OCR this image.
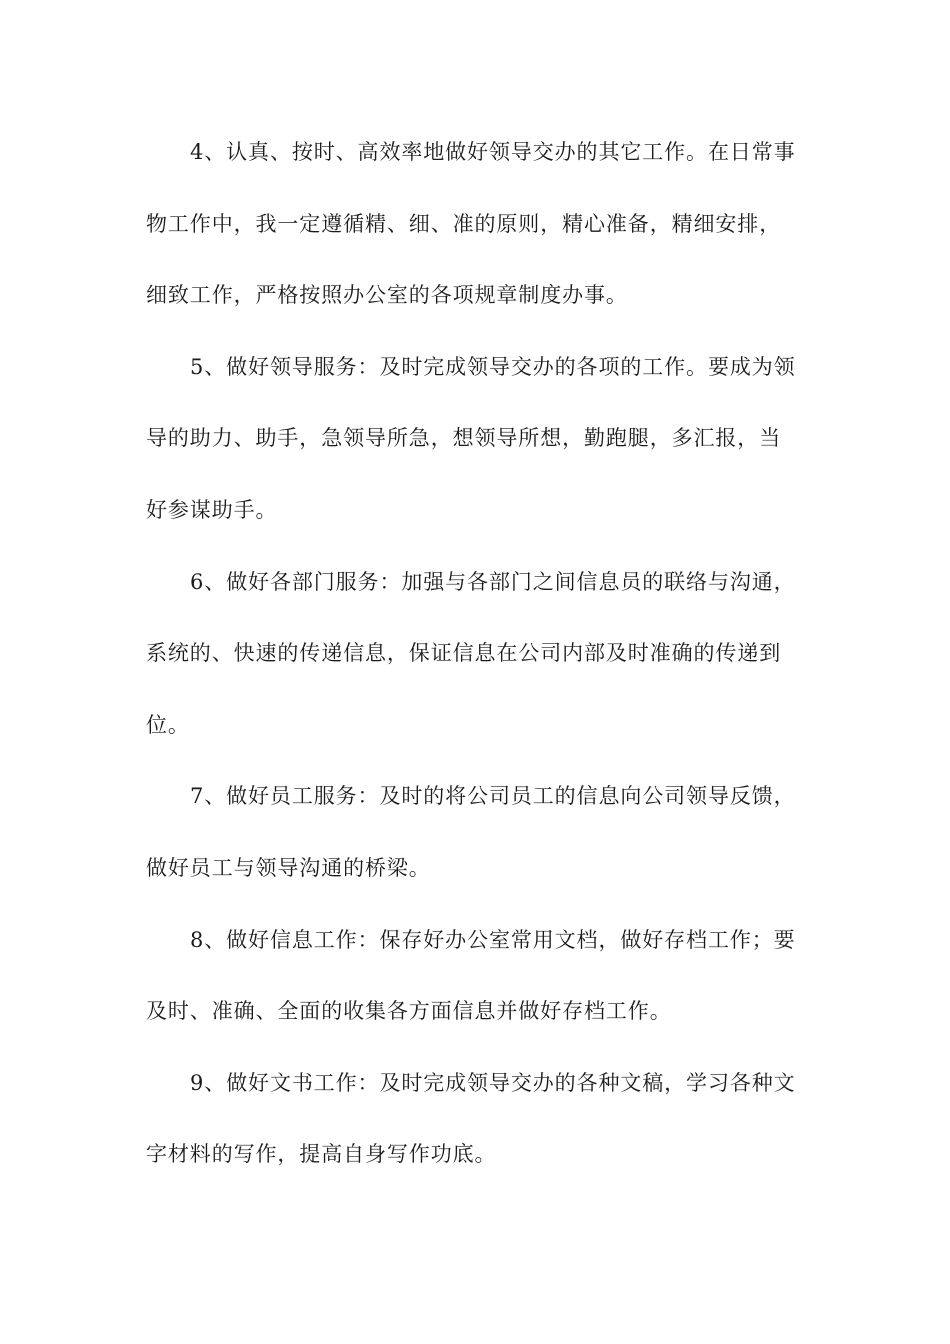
4、认真、按时、高效率地做好领导交办的其它工作。在日常事
物工作中，我一定遵循精、细、准的原则，精心准备，精细安排，
细致工作，严格按照办公室的各项规章制度办事。

5、做好领导服务：及时完成领导交办的各项的工作。要成为领
导的助力、助手，急领导所急，想领导所想，勤跑腿，多汇报，当
好参谋助手。

6、做好各部门服务：加强与各部门之间信息员的联络与沟通，
系统的、快速的传递信息，保证信息在公司内部及时准确的传递到
位。

7、做好员工服务：及时的将公司员工的信息向公司领导反馈，
做好员工与领导沟通的桥梁。

8、做好信息工作：保存好办公室常用文档，做好存档工作；要
及时、准确、全面的收集各方面信息并做好存档工作。

9、做好文书工作：及时完成领导交办的各种文稿，学习各种文
字材料的写作，提高自身写作功底。
